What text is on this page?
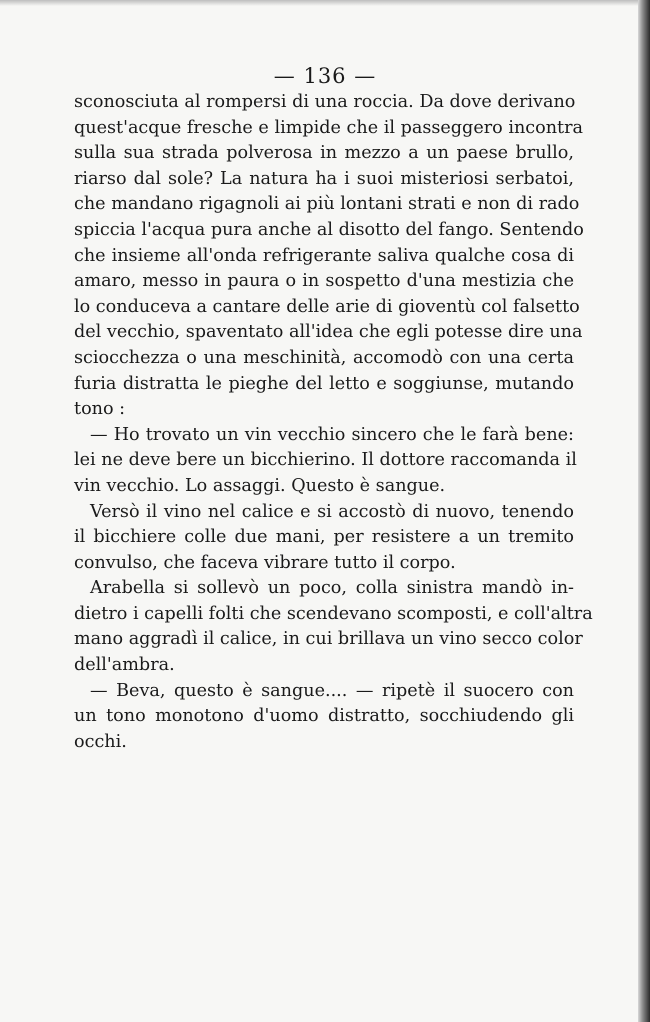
— 136 —
sconosciuta al rompersi di una roccia. Da dove derivano
quest'acque fresche e limpide che il passeggero incontra
sulla sua strada polverosa in mezzo a un paese brullo,
riarso dal sole? La natura ha i suoi misteriosi serbatoi,
che mandano rigagnoli ai più lontani strati e non di rado
spiccia l'acqua pura anche al disotto del fango. Sentendo
che insieme all'onda refrigerante saliva qualche cosa di
amaro, messo in paura o in sospetto d'una mestizia che
lo conduceva a cantare delle arie di gioventù col falsetto
del vecchio, spaventato all'idea che egli potesse dire una
sciocchezza o una meschinità, accomodò con una certa
furia distratta le pieghe del letto e soggiunse, mutando
tono :
— Ho trovato un vin vecchio sincero che le farà bene:
lei ne deve bere un bicchierino. Il dottore raccomanda il
vin vecchio. Lo assaggi. Questo è sangue.
Versò il vino nel calice e si accostò di nuovo, tenendo
il bicchiere colle due mani, per resistere a un tremito
convulso, che faceva vibrare tutto il corpo.
Arabella si sollevò un poco, colla sinistra mandò in-
dietro i capelli folti che scendevano scomposti, e coll'altra
mano aggradì il calice, in cui brillava un vino secco color
dell'ambra.
— Beva, questo è sangue.... — ripetè il suocero con
un tono monotono d'uomo distratto, socchiudendo gli
occhi.
